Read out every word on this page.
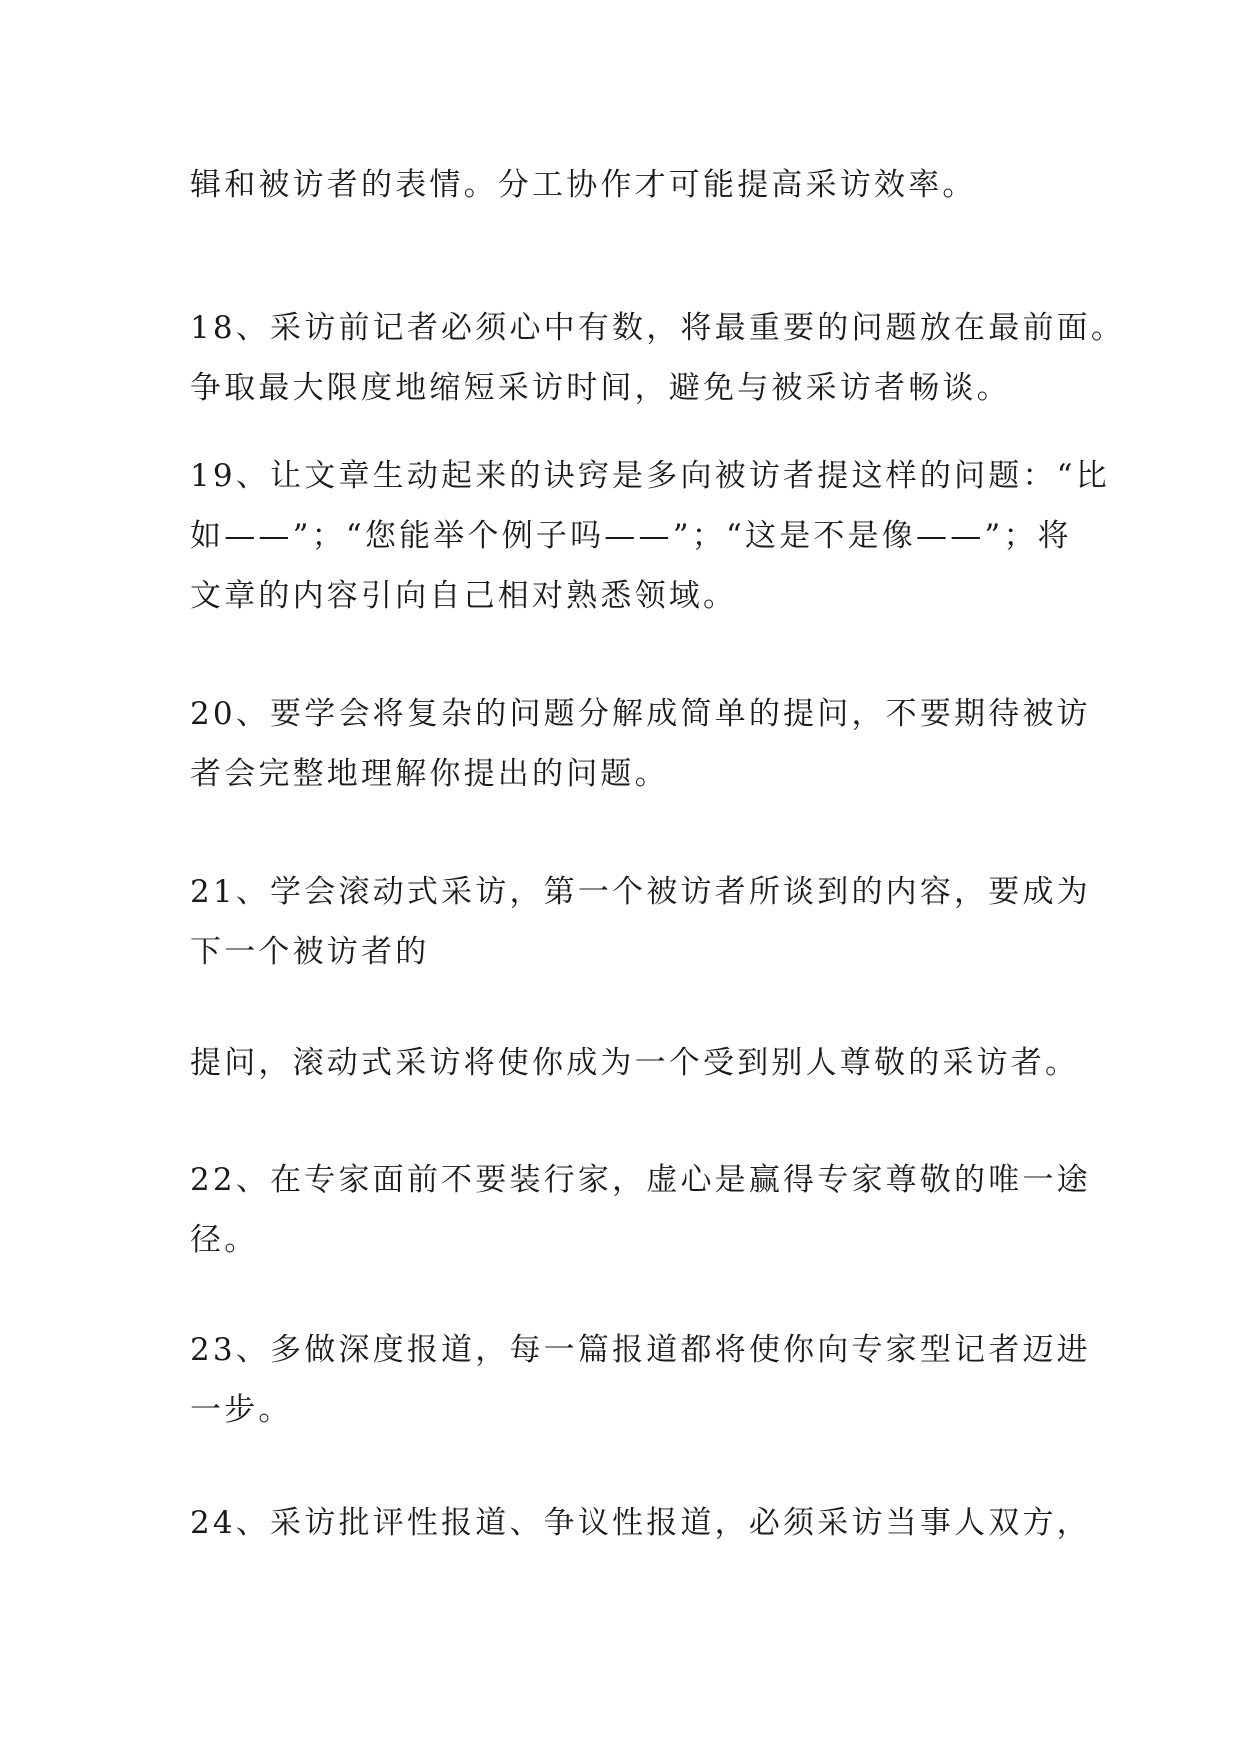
辑和被访者的表情。分工协作才可能提高采访效率。
18、采访前记者必须心中有数，将最重要的问题放在最前面。
争取最大限度地缩短采访时间，避免与被采访者畅谈。
19、让文章生动起来的诀窍是多向被访者提这样的问题：“比
如——”；“您能举个例子吗——”；“这是不是像——”；将
文章的内容引向自己相对熟悉领域。
20、要学会将复杂的问题分解成简单的提问，不要期待被访
者会完整地理解你提出的问题。
21、学会滚动式采访，第一个被访者所谈到的内容，要成为
下一个被访者的
提问，滚动式采访将使你成为一个受到别人尊敬的采访者。
22、在专家面前不要装行家，虚心是赢得专家尊敬的唯一途
径。
23、多做深度报道，每一篇报道都将使你向专家型记者迈进
一步。
24、采访批评性报道、争议性报道，必须采访当事人双方，
